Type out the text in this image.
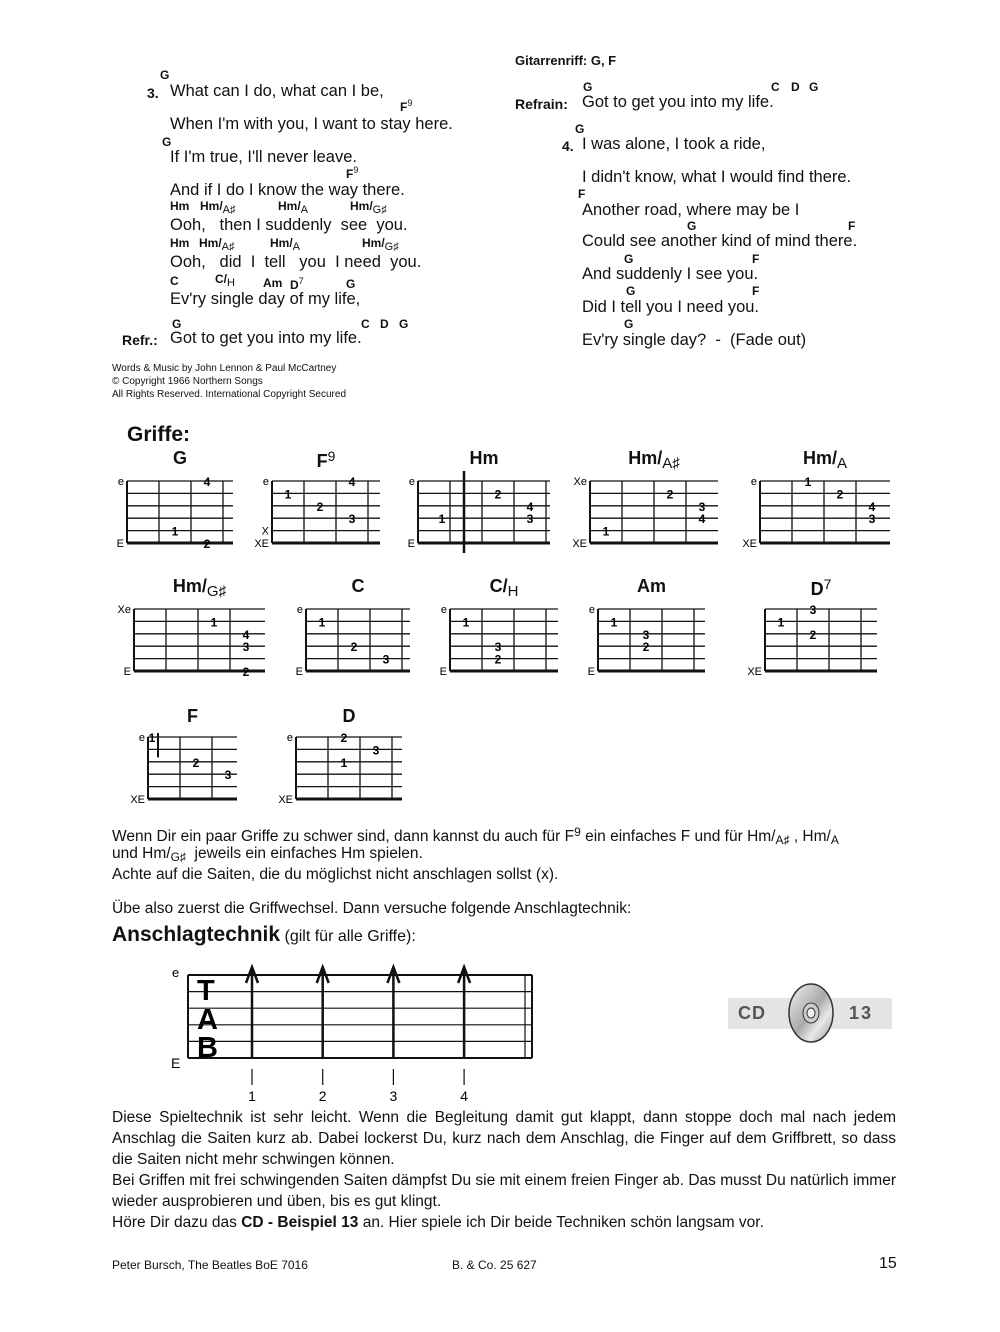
G
3. What can I do, what can I be,
$F^9$
When I'm with you, I want to stay here.
G
If I'm true, I'll never leave.
$F^9$
And if I do I know the way there.
Hm $Hm/_{A♯}$	$Hm/_A$	$Hm/_{G♯}$
Ooh,   then I suddenly  see  you.
Hm $Hm/_{A♯}$	$Hm/_A$	$Hm/_{G♯}$
Ooh,   did  I  tell   you  I need  you.
C	$C/_H$ Am $D^7$	G
Ev'ry single day of my life,
G	C D G
Refr.: Got to get you into my life.
Words & Music by John Lennon & Paul McCartney
© Copyright 1966 Northern Songs
All Rights Reserved. International Copyright Secured
Gitarrenriff: G, F
G	C D G
Refrain: Got to get you into my life.
G
4. I was alone, I took a ride,
I didn't know, what I would find there.
F
Another road, where may be I
G	F
Could see another kind of mind there.
G	F
And suddenly I see you.
G	F
Did I tell you I need you.
G
Ev'ry single day?  -  (Fade out)
Griffe:
G
e
E
4
1
2
$F^9$
e
X
XE
4
1
2
3
Hm
e
E
2
4
3
1
$Hm/_{A♯}$
Xe
XE
2
3
4
1
$Hm/_A$
e
XE
1
2
4
3
$Hm/_{G♯}$
Xe
E
1
4
3
2
C
e
E
1
2
3
$C/_H$
e
E
1
3
2
Am
e
E
1
3
2
$D^7$
XE
3
1
2
F
e
XE
1
2
3
D
e
XE
2
3
1
Wenn Dir ein paar Griffe zu schwer sind, dann kannst du auch für $F^9$ ein einfaches F und für $Hm/_{A♯}$ , $Hm/_A$
und $Hm/_{G♯}$  jeweils ein einfaches Hm spielen.
Achte auf die Saiten, die du möglichst nicht anschlagen sollst (x).
Übe also zuerst die Griffwechsel. Dann versuche folgende Anschlagtechnik:
Anschlagtechnik (gilt für alle Griffe):
e
E
T
A
B
1	2	3	4
CD	13
Diese Spieltechnik ist sehr leicht. Wenn die Begleitung damit gut klappt, dann stoppe doch mal nach jedem Anschlag die Saiten kurz ab. Dabei lockerst Du, kurz nach dem Anschlag, die Finger auf dem Griffbrett, so dass die Saiten nicht mehr schwingen können.
Bei Griffen mit frei schwingenden Saiten dämpfst Du sie mit einem freien Finger ab. Das musst Du natürlich immer wieder ausprobieren und üben, bis es gut klingt.
Höre Dir dazu das CD - Beispiel 13 an. Hier spiele ich Dir beide Techniken schön langsam vor.
Peter Bursch, The Beatles BoE 7016	B. & Co. 25 627	15
